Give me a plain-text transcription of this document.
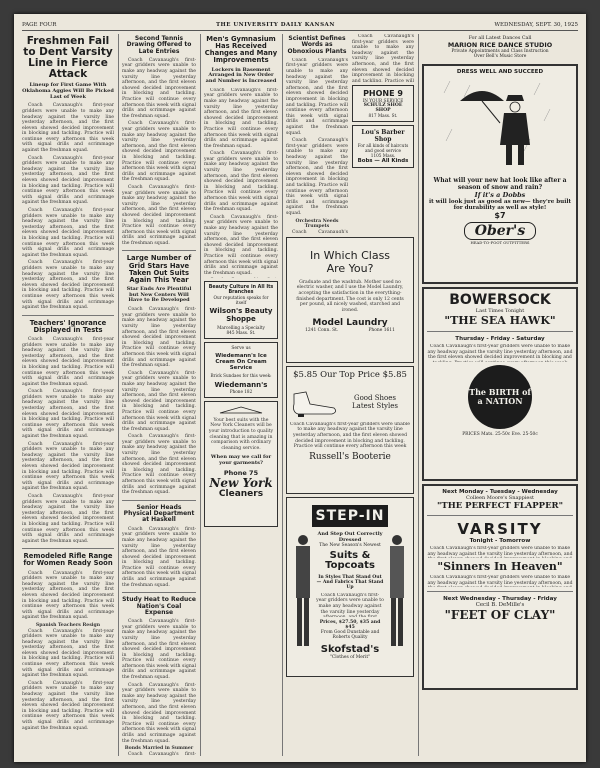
PAGE FOUR	THE UNIVERSITY DAILY KANSAN	WEDNESDAY, SEPT. 30, 1925
Freshmen Fail to Dent Varsity Line in Fierce Attack
Lineup for First Game With Oklahoma Aggies Will Be Picked Last of Week

Coach Cavanaugh's first-year gridders were unable to make any headway against the varsity line yesterday afternoon, and the first eleven showed decided improvement in blocking and tackling. Practice will continue every afternoon this week with signal drills and scrimmage against the freshman squad.

Coach Cavanaugh's first-year gridders were unable to make any headway against the varsity line yesterday afternoon, and the first eleven showed decided improvement in blocking and tackling. Practice will continue every afternoon this week with signal drills and scrimmage against the freshman squad.

Coach Cavanaugh's first-year gridders were unable to make any headway against the varsity line yesterday afternoon, and the first eleven showed decided improvement in blocking and tackling. Practice will continue every afternoon this week with signal drills and scrimmage against the freshman squad.

Coach Cavanaugh's first-year gridders were unable to make any headway against the varsity line yesterday afternoon, and the first eleven showed decided improvement in blocking and tackling. Practice will continue every afternoon this week with signal drills and scrimmage against the freshman squad.

Teachers' Ignorance Displayed in Tests

Coach Cavanaugh's first-year gridders were unable to make any headway against the varsity line yesterday afternoon, and the first eleven showed decided improvement in blocking and tackling. Practice will continue every afternoon this week with signal drills and scrimmage against the freshman squad.

Coach Cavanaugh's first-year gridders were unable to make any headway against the varsity line yesterday afternoon, and the first eleven showed decided improvement in blocking and tackling. Practice will continue every afternoon this week with signal drills and scrimmage against the freshman squad.

Coach Cavanaugh's first-year gridders were unable to make any headway against the varsity line yesterday afternoon, and the first eleven showed decided improvement in blocking and tackling. Practice will continue every afternoon this week with signal drills and scrimmage against the freshman squad.

Coach Cavanaugh's first-year gridders were unable to make any headway against the varsity line yesterday afternoon, and the first eleven showed decided improvement in blocking and tackling. Practice will continue every afternoon this week with signal drills and scrimmage against the freshman squad.

Remodeled Rifle Range for Women Ready Soon

Coach Cavanaugh's first-year gridders were unable to make any headway against the varsity line yesterday afternoon, and the first eleven showed decided improvement in blocking and tackling. Practice will continue every afternoon this week with signal drills and scrimmage against the freshman squad.

Spanish Teachers Resign

Coach Cavanaugh's first-year gridders were unable to make any headway against the varsity line yesterday afternoon, and the first eleven showed decided improvement in blocking and tackling. Practice will continue every afternoon this week with signal drills and scrimmage against the freshman squad.

Coach Cavanaugh's first-year gridders were unable to make any headway against the varsity line yesterday afternoon, and the first eleven showed decided improvement in blocking and tackling. Practice will continue every afternoon this week with signal drills and scrimmage against the freshman squad.

Second Tennis Drawing Offered to Late Entries

Coach Cavanaugh's first-year gridders were unable to make any headway against the varsity line yesterday afternoon, and the first eleven showed decided improvement in blocking and tackling. Practice will continue every afternoon this week with signal drills and scrimmage against the freshman squad.

Coach Cavanaugh's first-year gridders were unable to make any headway against the varsity line yesterday afternoon, and the first eleven showed decided improvement in blocking and tackling. Practice will continue every afternoon this week with signal drills and scrimmage against the freshman squad.

Coach Cavanaugh's first-year gridders were unable to make any headway against the varsity line yesterday afternoon, and the first eleven showed decided improvement in blocking and tackling. Practice will continue every afternoon this week with signal drills and scrimmage against the freshman squad.

Large Number of Grid Stars Have Taken Out Suits Again This Year
Star Ends Are Plentiful but New Centers Will Have to Be Developed

Coach Cavanaugh's first-year gridders were unable to make any headway against the varsity line yesterday afternoon, and the first eleven showed decided improvement in blocking and tackling. Practice will continue every afternoon this week with signal drills and scrimmage against the freshman squad.

Coach Cavanaugh's first-year gridders were unable to make any headway against the varsity line yesterday afternoon, and the first eleven showed decided improvement in blocking and tackling. Practice will continue every afternoon this week with signal drills and scrimmage against the freshman squad.

Coach Cavanaugh's first-year gridders were unable to make any headway against the varsity line yesterday afternoon, and the first eleven showed decided improvement in blocking and tackling. Practice will continue every afternoon this week with signal drills and scrimmage against the freshman squad.

Senior Heads Physical Department at Haskell

Coach Cavanaugh's first-year gridders were unable to make any headway against the varsity line yesterday afternoon, and the first eleven showed decided improvement in blocking and tackling. Practice will continue every afternoon this week with signal drills and scrimmage against the freshman squad.

Study Heat to Reduce Nation's Coal Expense

Coach Cavanaugh's first-year gridders were unable to make any headway against the varsity line yesterday afternoon, and the first eleven showed decided improvement in blocking and tackling. Practice will continue every afternoon this week with signal drills and scrimmage against the freshman squad.

Coach Cavanaugh's first-year gridders were unable to make any headway against the varsity line yesterday afternoon, and the first eleven showed decided improvement in blocking and tackling. Practice will continue every afternoon this week with signal drills and scrimmage against the freshman squad.

Bonds Married in Summer

Coach Cavanaugh's first-

Men's Gymnasium Has Received Changes and Many Improvements
Lockers in Basement Arranged in New Order and Number is Increased

Coach Cavanaugh's first-year gridders were unable to make any headway against the varsity line yesterday afternoon, and the first eleven showed decided improvement in blocking and tackling. Practice will continue every afternoon this week with signal drills and scrimmage against the freshman squad.

Coach Cavanaugh's first-year gridders were unable to make any headway against the varsity line yesterday afternoon, and the first eleven showed decided improvement in blocking and tackling. Practice will continue every afternoon this week with signal drills and scrimmage against the freshman squad.

Coach Cavanaugh's first-year gridders were unable to make any headway against the varsity line yesterday afternoon, and the first eleven showed decided improvement in blocking and tackling. Practice will continue every afternoon this week with signal drills and scrimmage against the freshman squad.

Beauty Culture in All Its Branches
Our reputation speaks for itself
Wilson's Beauty Shoppe
Marcelling a Specialty
845 Mass. St.
Serve us
Wiedemann's Ice Cream On Cream Service
Brick Sundaes for this week:
Wiedemann's
Phone 182
Your best suits with the New York Cleaners will be your introduction to quality cleaning that is amazing in comparison with ordinary cleaning service.
When may we call for your garments?
Phone 75
New York
Cleaners
Scientist Defines Words as Obnoxious Plants

Coach Cavanaugh's first-year gridders were unable to make any headway against the varsity line yesterday afternoon, and the first eleven showed decided improvement in blocking and tackling. Practice will continue every afternoon this week with signal drills and scrimmage against the freshman squad.

Coach Cavanaugh's first-year gridders were unable to make any headway against the varsity line yesterday afternoon, and the first eleven showed decided improvement in blocking and tackling. Practice will continue every afternoon this week with signal drills and scrimmage against the freshman squad.

Orchestra Needs Trumpets

Coach Cavanaugh's

Coach Cavanaugh's first-year gridders were unable to make any headway against the varsity line yesterday afternoon, and the first eleven showed decided improvement in blocking and tackling. Practice will

PHONE 9
IN YOUR SERVICE
SCHULZ SHOE SHOP
817 Mass. St.
Lou's Barber Shop
For all kinds of haircuts and good service
1105 Mass.
Bobs — All Kinds
In Which Class
Are You?
Graduate and the washtub. Mother used no electric washer, and I use the Model Laundry, accepting the satisfaction in the everything-finished department. The cost is only 12 cents per pound, all nicely washed, starched and ironed.
Model Laundry
1241 Conn. St.	Phone 1611
$5.85 Our Top Price $5.85
Good Shoes
Latest Styles
Coach Cavanaugh's first-year gridders were unable to make any headway against the varsity line yesterday afternoon, and the first eleven showed decided improvement in blocking and tackling. Practice will continue every afternoon this week
Russell's Booterie
STEP-IN
And Step Out Correctly Dressed
The New Season's Newest
Suits & Topcoats
In Styles That Stand Out — And Fabrics That Stand Up
Coach Cavanaugh's first-year gridders were unable to make any headway against the varsity line yesterday
Prices, $27.50, $35 and $45
From Good Dunstable and Roberts Quality
Skofstad's
"Clothes of Merit"
For all Latest Dances Call
MARION RICE DANCE STUDIO
Private Appointments and Class Instruction
Over Bell's Music Store
DRESS WELL AND SUCCEED
What will your new hat look like after a season of snow and rain?
If it's a Dobbs
it will look just as good as new— they're built for durability as well as style!
$7
Ober's
HEAD-TO-FOOT OUTFITTERS
BOWERSOCK
Last Times Tonight
"THE SEA HAWK"
Thursday - Friday - Saturday
Coach Cavanaugh's first-year gridders were unable to make any headway against the varsity line yesterday afternoon, and the first eleven showed decided improvement in blocking and
The BIRTH of a NATION
PRICES Mats. 25-50c Eve. 25-50c
Next Monday - Tuesday - Wednesday
Colleen Moore's Snappiest
"THE PERFECT FLAPPER"
VARSITY
Tonight - Tomorrow
Coach Cavanaugh's first-year gridders were unable to make any headway against the varsity line yesterday afternoon, and
"Sinners In Heaven"
Coach Cavanaugh's first-year gridders were unable to make any headway against the varsity line yesterday afternoon, and
Next Wednesday - Thursday - Friday
Cecil B. DeMille's
"FEET OF CLAY"
